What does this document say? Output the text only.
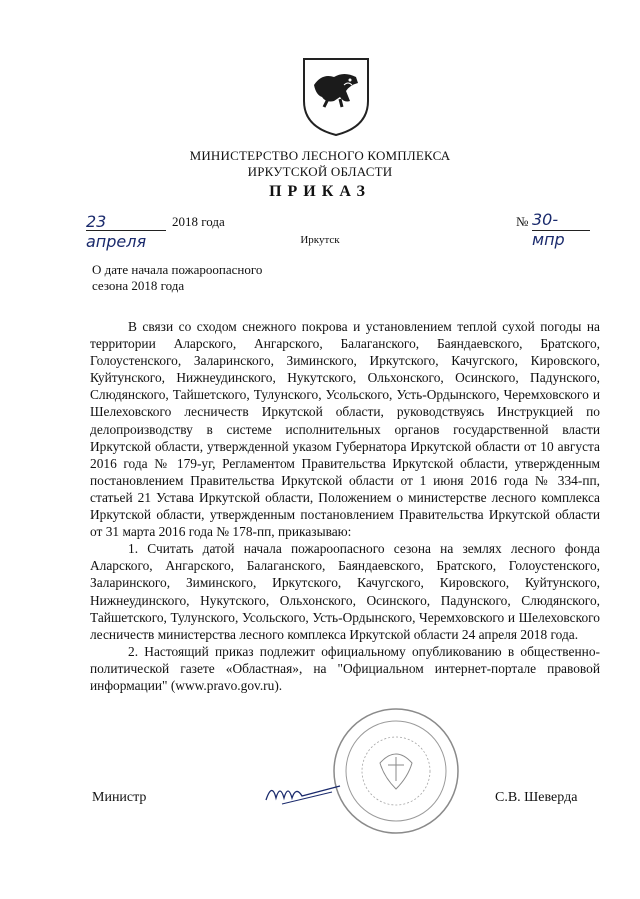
МИНИСТЕРСТВО ЛЕСНОГО КОМПЛЕКСА
ИРКУТСКОЙ ОБЛАСТИ
ПРИКАЗ
23 апреля
2018 года	№ 30-мпр
Иркутск
О дате начала пожароопасного
сезона 2018 года

В связи со сходом снежного покрова и установлением теплой сухой погоды на территории Аларского, Ангарского, Балаганского, Баяндаевского, Братского, Голоустенского, Заларинского, Зиминского, Иркутского, Качугского, Кировского, Куйтунского, Нижнеудинского, Нукутского, Ольхонского, Осинского, Падунского, Слюдянского, Тайшетского, Тулунского, Усольского, Усть-Ордынского, Черемховского и Шелеховского лесничеств Иркутской области, руководствуясь Инструкцией по делопроизводству в системе исполнительных органов государственной власти Иркутской области, утвержденной указом Губернатора Иркутской области от 10 августа 2016 года № 179-уг, Регламентом Правительства Иркутской области, утвержденным постановлением Правительства Иркутской области от 1 июня 2016 года № 334-пп, статьей 21 Устава Иркутской области, Положением о министерстве лесного комплекса Иркутской области, утвержденным постановлением Правительства Иркутской области от 31 марта 2016 года № 178-пп, приказываю:

1. Считать датой начала пожароопасного сезона на землях лесного фонда Аларского, Ангарского, Балаганского, Баяндаевского, Братского, Голоустенского, Заларинского, Зиминского, Иркутского, Качугского, Кировского, Куйтунского, Нижнеудинского, Нукутского, Ольхонского, Осинского, Падунского, Слюдянского, Тайшетского, Тулунского, Усольского, Усть-Ордынского, Черемховского и Шелеховского лесничеств министерства лесного комплекса Иркутской области 24 апреля 2018 года.

2. Настоящий приказ подлежит официальному опубликованию в общественно-политической газете «Областная», на "Официальном интернет-портале правовой информации" (www.pravo.gov.ru).

Министр	С.В. Шеверда
